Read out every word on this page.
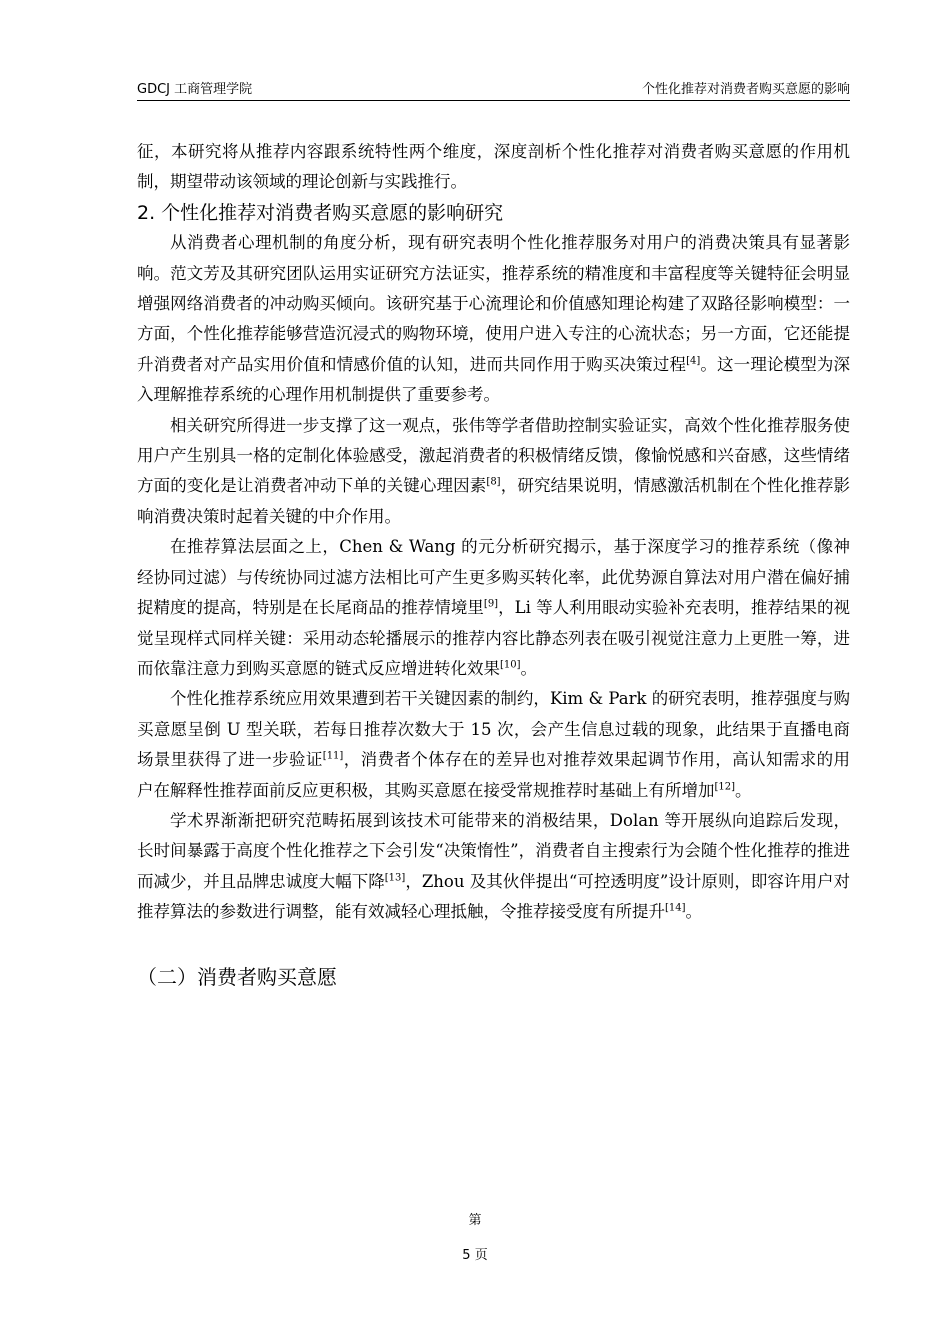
GDCJ 工商管理学院	个性化推荐对消费者购买意愿的影响

征，本研究将从推荐内容跟系统特性两个维度，深度剖析个性化推荐对消费者购买意愿的作用机制，期望带动该领域的理论创新与实践推行。

2. 个性化推荐对消费者购买意愿的影响研究

从消费者心理机制的角度分析，现有研究表明个性化推荐服务对用户的消费决策具有显著影响。范文芳及其研究团队运用实证研究方法证实，推荐系统的精准度和丰富程度等关键特征会明显增强网络消费者的冲动购买倾向。该研究基于心流理论和价值感知理论构建了双路径影响模型：一方面，个性化推荐能够营造沉浸式的购物环境，使用户进入专注的心流状态；另一方面，它还能提升消费者对产品实用价值和情感价值的认知，进而共同作用于购买决策过程[4]。这一理论模型为深入理解推荐系统的心理作用机制提供了重要参考。

相关研究所得进一步支撑了这一观点，张伟等学者借助控制实验证实，高效个性化推荐服务使用户产生别具一格的定制化体验感受，激起消费者的积极情绪反馈，像愉悦感和兴奋感，这些情绪方面的变化是让消费者冲动下单的关键心理因素[8]，研究结果说明，情感激活机制在个性化推荐影响消费决策时起着关键的中介作用。

在推荐算法层面之上，Chen & Wang 的元分析研究揭示，基于深度学习的推荐系统（像神经协同过滤）与传统协同过滤方法相比可产生更多购买转化率，此优势源自算法对用户潜在偏好捕捉精度的提高，特别是在长尾商品的推荐情境里[9]，Li 等人利用眼动实验补充表明，推荐结果的视觉呈现样式同样关键：采用动态轮播展示的推荐内容比静态列表在吸引视觉注意力上更胜一筹，进而依靠注意力到购买意愿的链式反应增进转化效果[10]。

个性化推荐系统应用效果遭到若干关键因素的制约，Kim & Park 的研究表明，推荐强度与购买意愿呈倒 U 型关联，若每日推荐次数大于 15 次，会产生信息过载的现象，此结果于直播电商场景里获得了进一步验证[11]，消费者个体存在的差异也对推荐效果起调节作用，高认知需求的用户在解释性推荐面前反应更积极，其购买意愿在接受常规推荐时基础上有所增加[12]。

学术界渐渐把研究范畴拓展到该技术可能带来的消极结果，Dolan 等开展纵向追踪后发现，长时间暴露于高度个性化推荐之下会引发“决策惰性”，消费者自主搜索行为会随个性化推荐的推进而减少，并且品牌忠诚度大幅下降[13]，Zhou 及其伙伴提出“可控透明度”设计原则，即容许用户对推荐算法的参数进行调整，能有效减轻心理抵触，令推荐接受度有所提升[14]。

（二）消费者购买意愿
第
5 页
